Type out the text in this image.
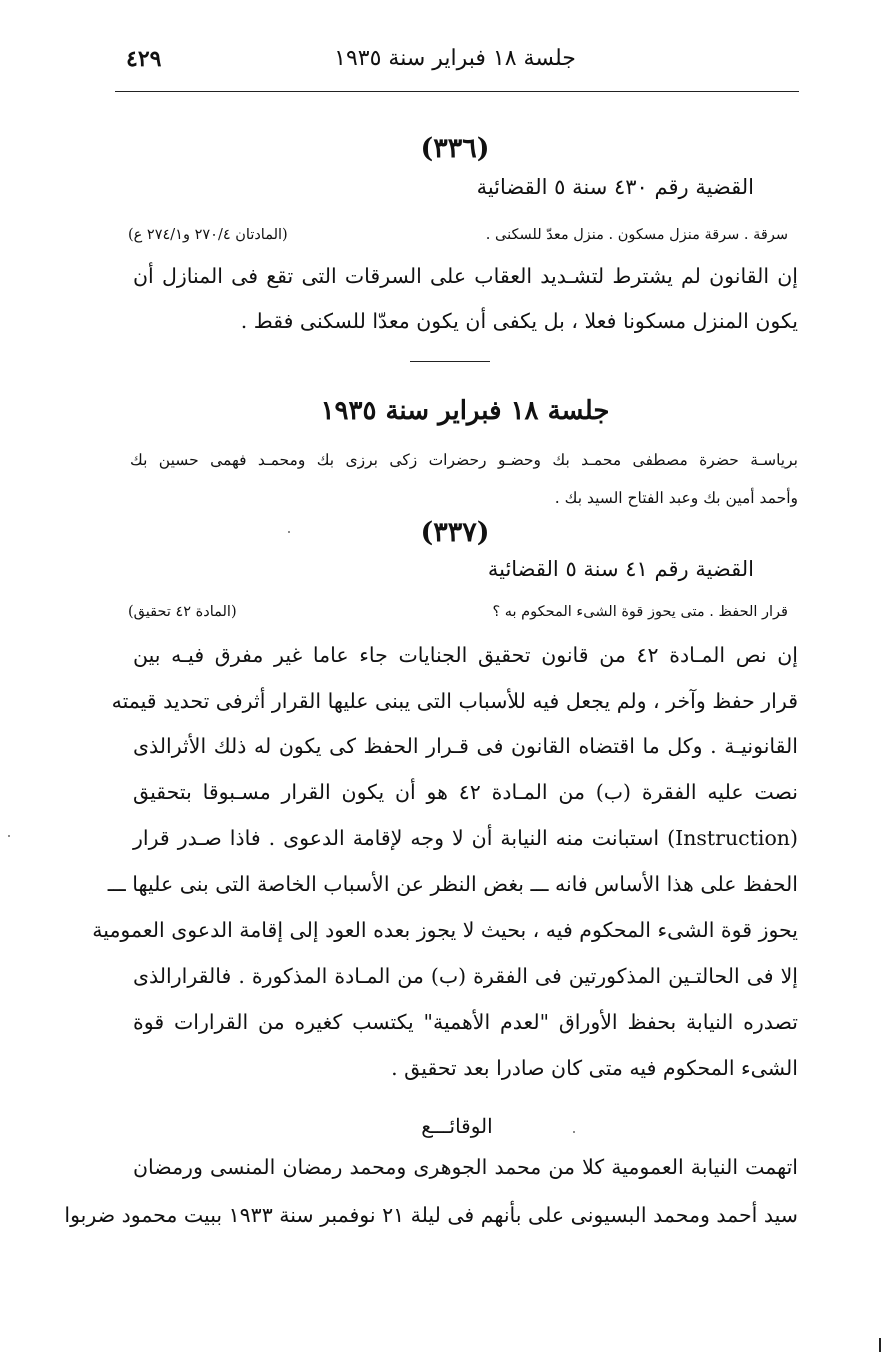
جلسة ١٨ فبراير سنة ١٩٣٥
٤٢٩
(٣٣٦)
القضية رقم ٤٣٠ سنة ٥ القضائية
سرقة . سرقة منزل مسكون . منزل معدّ للسكنى .
(المادتان ٢٧٠/٤ و٢٧٤/١ ع)
إن القانون لم يشترط لتشـديد العقاب على السرقات التى تقع فى المنازل أن
يكون المنزل مسكونا فعلا ، بل يكفى أن يكون معدّا للسكنى فقط .
جلسة ١٨ فبراير سنة ١٩٣٥
برياسـة حضرة مصطفى محمـد بك وحضـو رحضرات زكى برزى بك ومحمـد فهمى حسين بك
وأحمد أمين بك وعبد الفتاح السيد بك .
(٣٣٧)
القضية رقم ٤١ سنة ٥ القضائية
قرار الحفظ . متى يحوز قوة الشىء المحكوم به ؟
(المادة ٤٢ تحقيق)
إن نص المـادة ٤٢ من قانون تحقيق الجنايات جاء عاما غير مفرق فيـه بين
قرار حفظ وآخر ، ولم يجعل فيه للأسباب التى يبنى عليها القرار أثرفى تحديد قيمته
القانونيـة . وكل ما اقتضاه القانون فى قـرار الحفظ كى يكون له ذلك الأثرالذى
نصت عليه الفقرة (ب) من المـادة ٤٢ هو أن يكون القرار مسـبوقا بتحقيق
(Instruction) استبانت منه النيابة أن لا وجه لإقامة الدعوى . فاذا صـدر قرار
الحفظ على هذا الأساس فانه ـــ بغض النظر عن الأسباب الخاصة التى بنى عليها ـــ
يحوز قوة الشىء المحكوم فيه ، بحيث لا يجوز بعده العود إلى إقامة الدعوى العمومية
إلا فى الحالتـين المذكورتين فى الفقرة (ب) من المـادة المذكورة . فالقرارالذى
تصدره النيابة بحفظ الأوراق "لعدم الأهمية" يكتسب كغيره من القرارات قوة
الشىء المحكوم فيه متى كان صادرا بعد تحقيق .
الوقائـــع
اتهمت النيابة العمومية كلا من محمد الجوهرى ومحمد رمضان المنسى ورمضان
سيد أحمد ومحمد البسيونى على بأنهم فى ليلة ٢١ نوفمبر سنة ١٩٣٣ ببيت محمود ضربوا
